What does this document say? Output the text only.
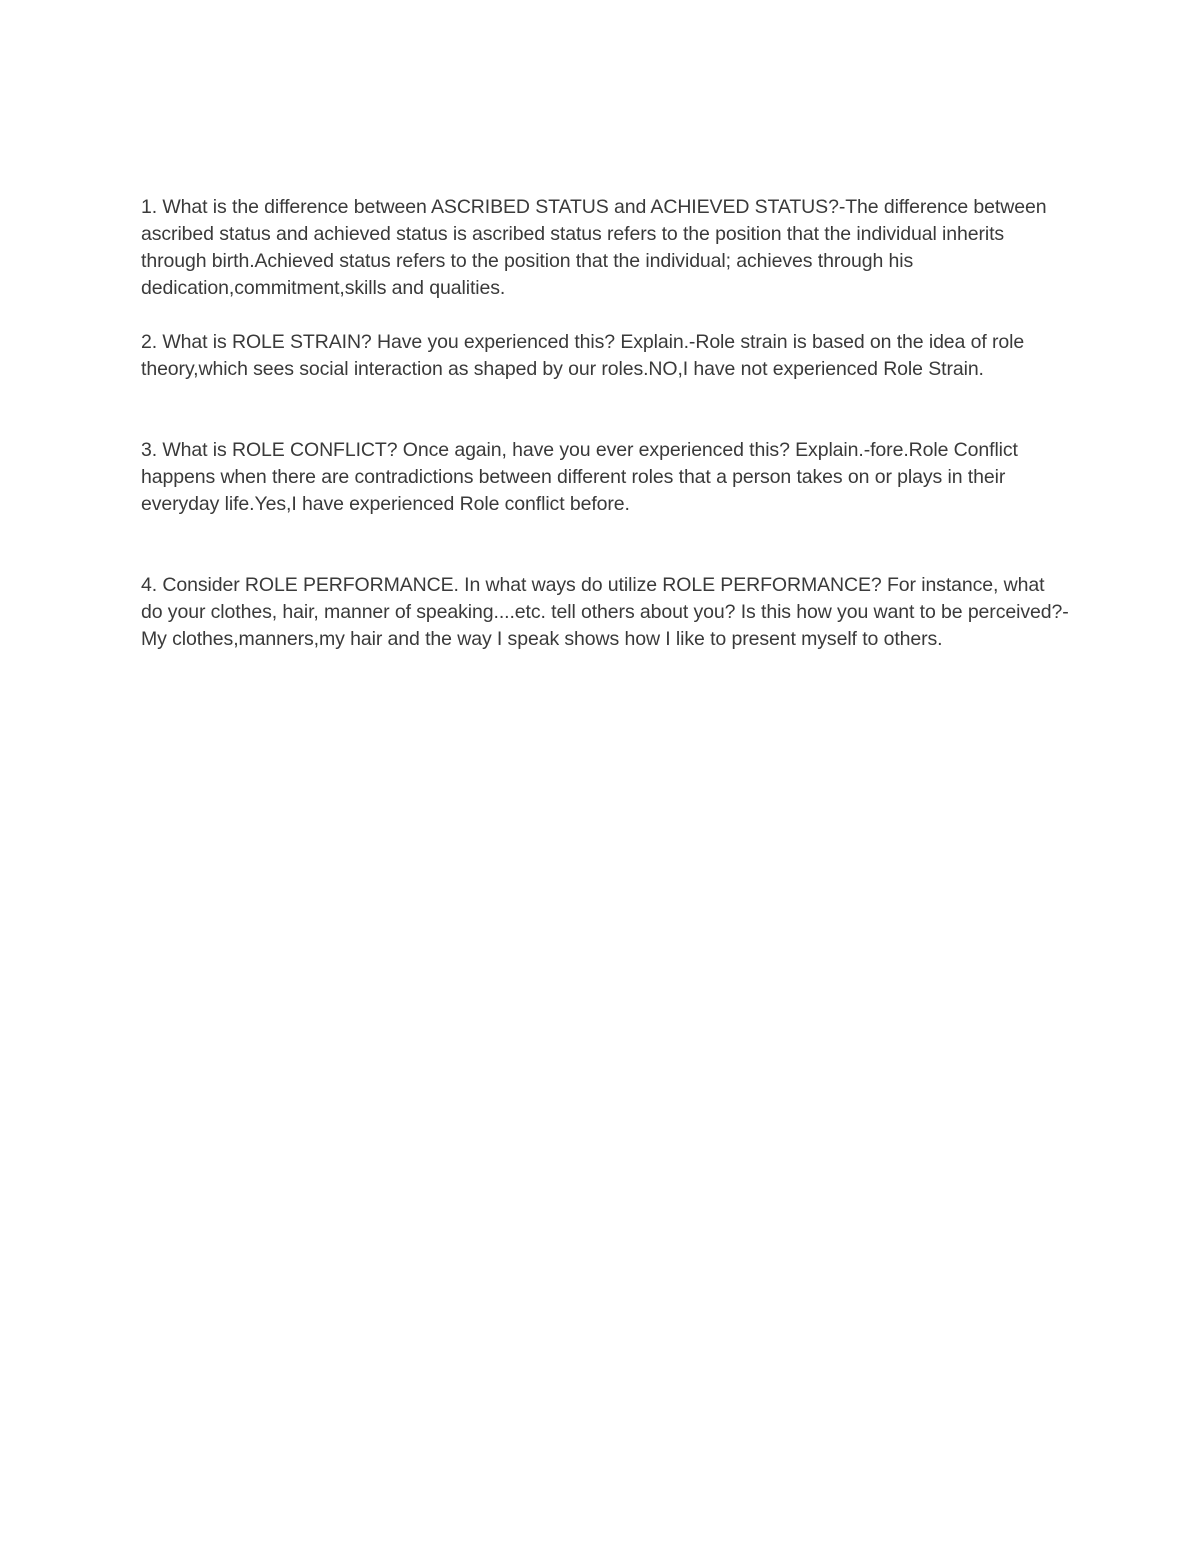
1. What is the difference between ASCRIBED STATUS and ACHIEVED STATUS?-The difference between ascribed status and achieved status is ascribed status refers to the position that the individual inherits through birth.Achieved status refers to the position that the individual; achieves through his dedication,commitment,skills and qualities.

2. What is ROLE STRAIN? Have you experienced this? Explain.-Role strain is based on the idea of role theory,which sees social interaction as shaped by our roles.NO,I have not experienced Role Strain.

3. What is ROLE CONFLICT? Once again, have you ever experienced this? Explain.-fore.Role Conflict happens when there are contradictions between different roles that a person takes on or plays in their everyday life.Yes,I have experienced Role conflict before.

4. Consider ROLE PERFORMANCE. In what ways do utilize ROLE PERFORMANCE? For instance, what do your clothes, hair, manner of speaking....etc. tell others about you? Is this how you want to be perceived?-My clothes,manners,my hair and the way I speak shows how I like to present myself to others.
